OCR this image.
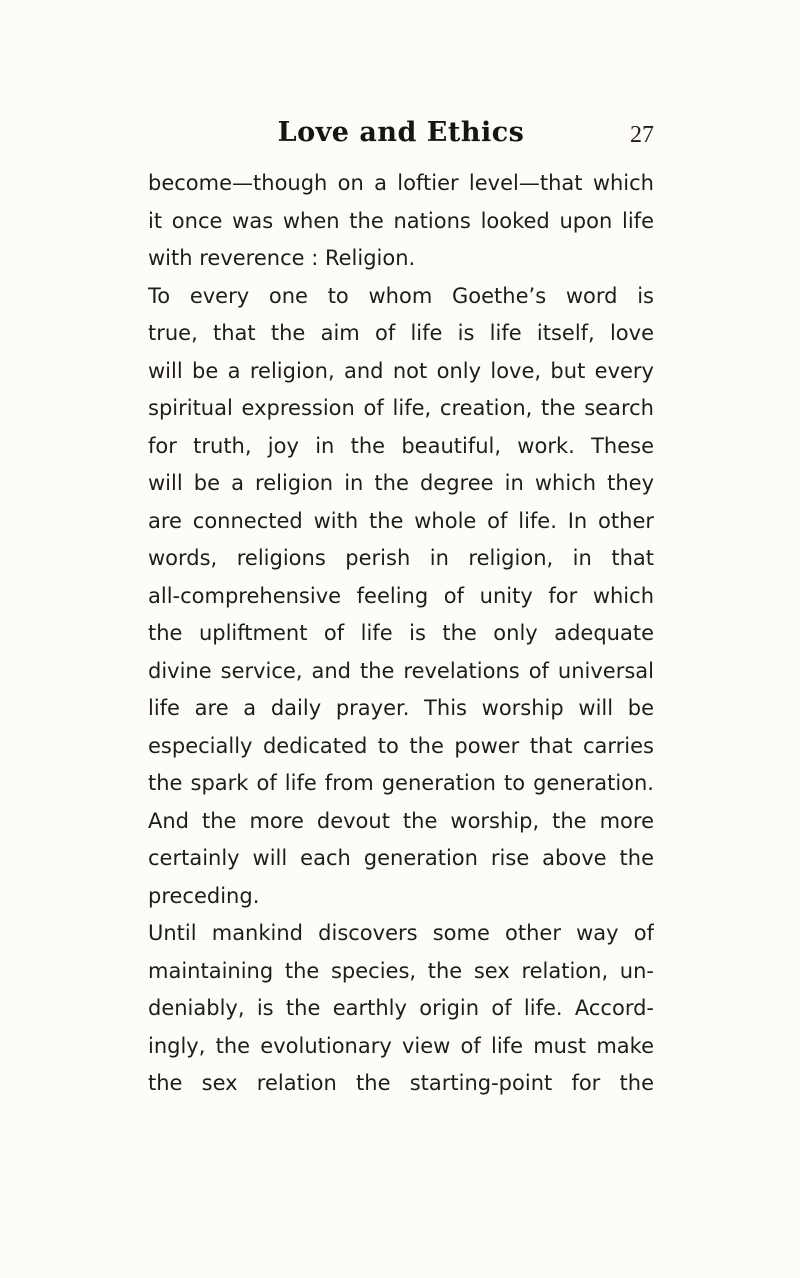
Love and Ethics	27
become—though on a loftier level—that which
it once was when the nations looked upon life
with reverence : Religion.
To every one to whom Goethe’s word is
true, that the aim of life is life itself, love
will be a religion, and not only love, but every
spiritual expression of life, creation, the search
for truth, joy in the beautiful, work. These
will be a religion in the degree in which they
are connected with the whole of life. In other
words, religions perish in religion, in that
all-comprehensive feeling of unity for which
the upliftment of life is the only adequate
divine service, and the revelations of universal
life are a daily prayer. This worship will be
especially dedicated to the power that carries
the spark of life from generation to generation.
And the more devout the worship, the more
certainly will each generation rise above the
preceding.
Until mankind discovers some other way of
maintaining the species, the sex relation, un-
deniably, is the earthly origin of life. Accord-
ingly, the evolutionary view of life must make
the sex relation the starting-point for the
